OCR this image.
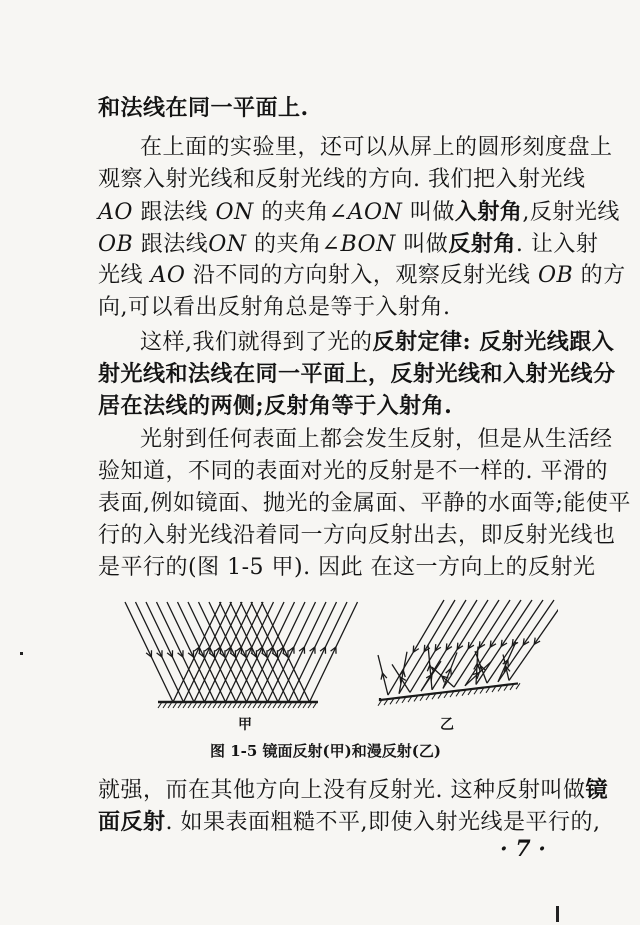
和法线在同一平面上.
在上面的实验里，还可以从屏上的圆形刻度盘上
观察入射光线和反射光线的方向. 我们把入射光线
AO 跟法线 ON 的夹角∠AON 叫做入射角,反射光线
OB 跟法线ON 的夹角∠BON 叫做反射角. 让入射
光线 AO 沿不同的方向射入，观察反射光线 OB 的方
向,可以看出反射角总是等于入射角.
这样,我们就得到了光的反射定律: 反射光线跟入
射光线和法线在同一平面上，反射光线和入射光线分
居在法线的两侧;反射角等于入射角.
光射到任何表面上都会发生反射，但是从生活经
验知道，不同的表面对光的反射是不一样的. 平滑的
表面,例如镜面、抛光的金属面、平静的水面等;能使平
行的入射光线沿着同一方向反射出去，即反射光线也
是平行的(图 1-5 甲). 因此 在这一方向上的反射光
甲	乙
图 1-5 镜面反射(甲)和漫反射(乙)
就强，而在其他方向上没有反射光. 这种反射叫做镜
面反射. 如果表面粗糙不平,即使入射光线是平行的,
· 7 ·
